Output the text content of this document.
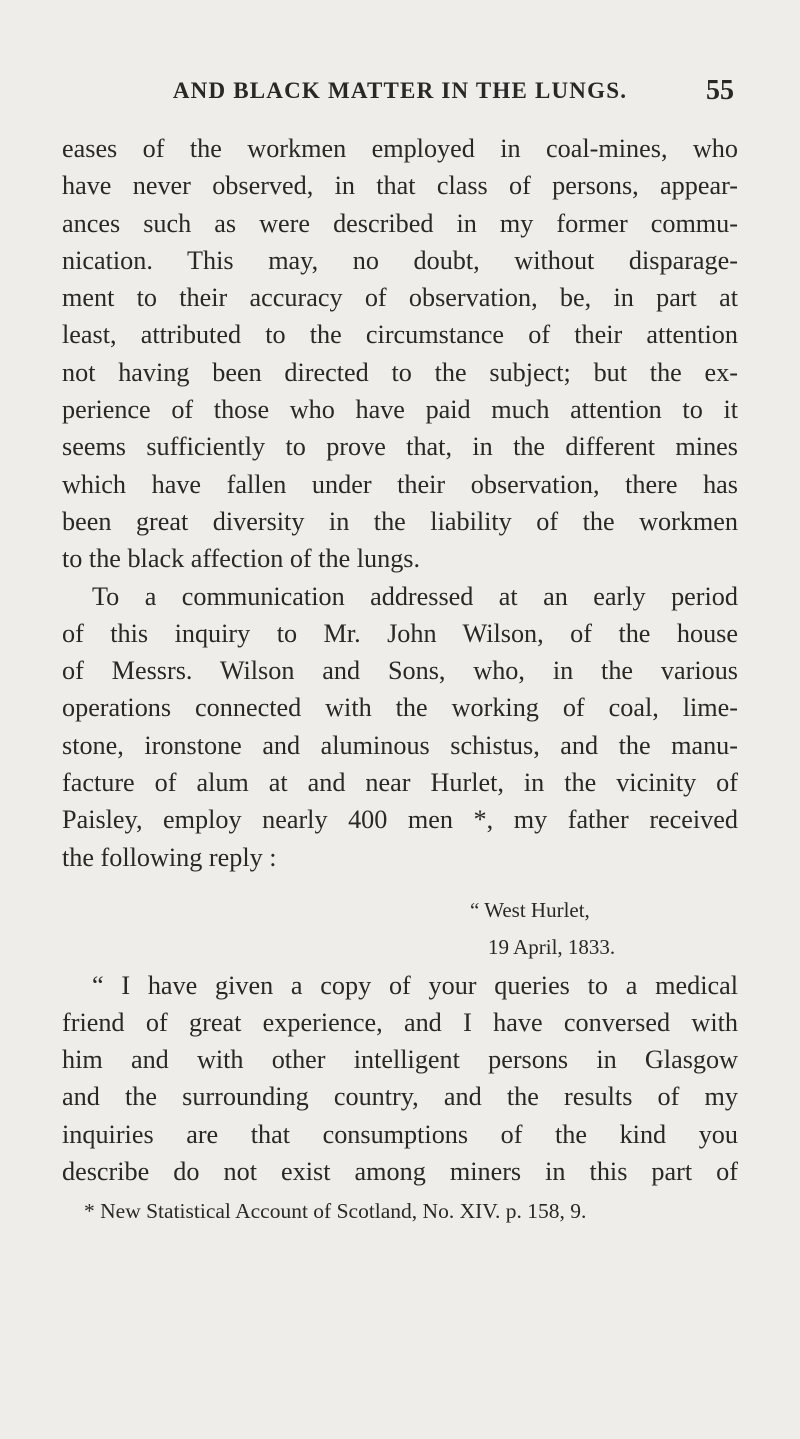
AND BLACK MATTER IN THE LUNGS.	55
eases of the workmen employed in coal-mines, who
have never observed, in that class of persons, appear-
ances such as were described in my former commu-
nication. This may, no doubt, without disparage-
ment to their accuracy of observation, be, in part at
least, attributed to the circumstance of their attention
not having been directed to the subject; but the ex-
perience of those who have paid much attention to it
seems sufficiently to prove that, in the different mines
which have fallen under their observation, there has
been great diversity in the liability of the workmen
to the black affection of the lungs.
To a communication addressed at an early period
of this inquiry to Mr. John Wilson, of the house
of Messrs. Wilson and Sons, who, in the various
operations connected with the working of coal, lime-
stone, ironstone and aluminous schistus, and the manu-
facture of alum at and near Hurlet, in the vicinity of
Paisley, employ nearly 400 men *, my father received
the following reply :
“ West Hurlet,
19 April, 1833.
“ I have given a copy of your queries to a medical
friend of great experience, and I have conversed with
him and with other intelligent persons in Glasgow
and the surrounding country, and the results of my
inquiries are that consumptions of the kind you
describe do not exist among miners in this part of
* New Statistical Account of Scotland, No. XIV. p. 158, 9.
